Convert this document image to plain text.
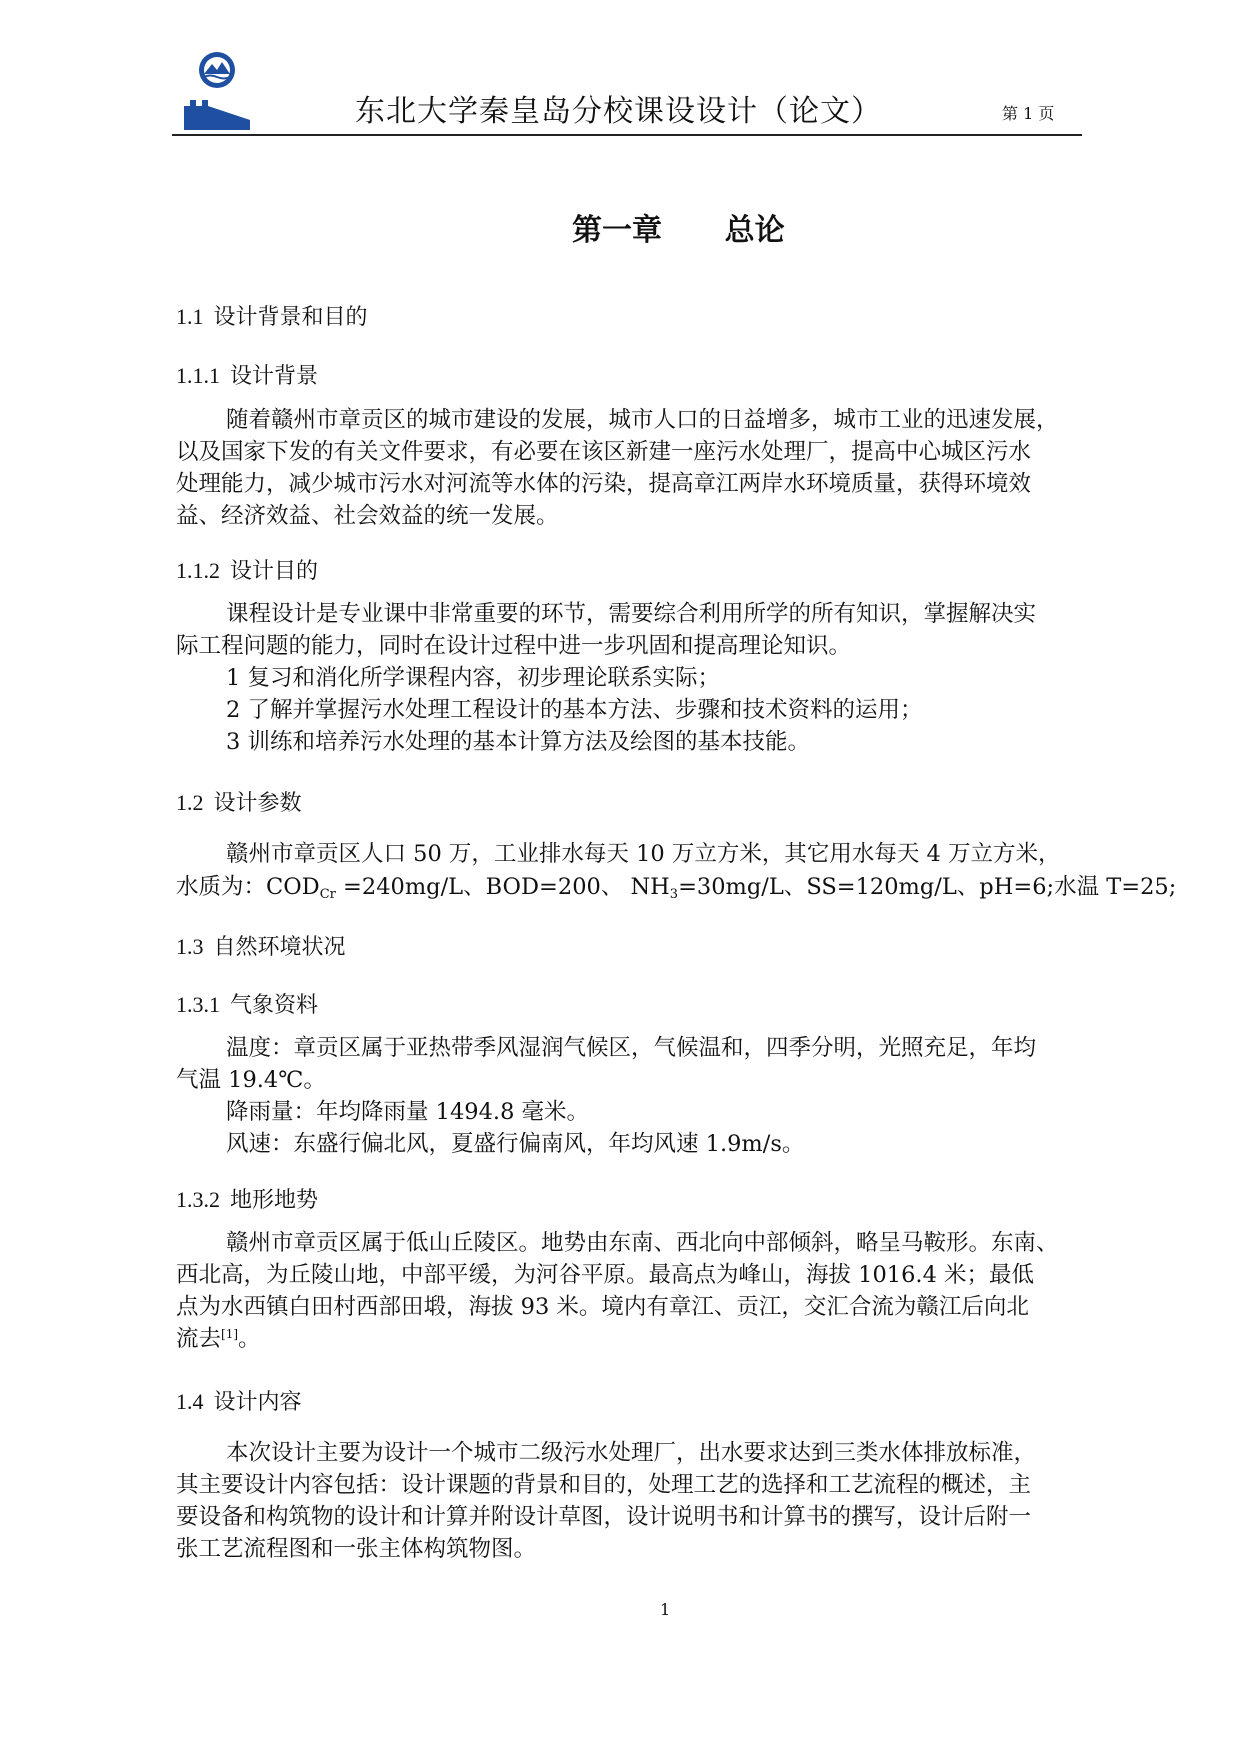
东北大学秦皇岛分校课设设计（论文）	第 1 页
第一章      总论
1.1 设计背景和目的
1.1.1 设计背景
随着赣州市章贡区的城市建设的发展，城市人口的日益增多，城市工业的迅速发展，
以及国家下发的有关文件要求，有必要在该区新建一座污水处理厂，提高中心城区污水
处理能力，减少城市污水对河流等水体的污染，提高章江两岸水环境质量，获得环境效
益、经济效益、社会效益的统一发展。
1.1.2 设计目的
课程设计是专业课中非常重要的环节，需要综合利用所学的所有知识，掌握解决实
际工程问题的能力，同时在设计过程中进一步巩固和提高理论知识。
1 复习和消化所学课程内容，初步理论联系实际；
2 了解并掌握污水处理工程设计的基本方法、步骤和技术资料的运用；
3 训练和培养污水处理的基本计算方法及绘图的基本技能。
1.2 设计参数
赣州市章贡区人口 50 万，工业排水每天 10 万立方米，其它用水每天 4 万立方米，
水质为：$COD_{Cr} =240mg/L$、BOD=200、 $NH_3=30mg/L$、SS=120mg/L、pH=6;水温 T=25;
1.3 自然环境状况
1.3.1 气象资料
温度：章贡区属于亚热带季风湿润气候区，气候温和，四季分明，光照充足，年均
气温 19.4℃。
降雨量：年均降雨量 1494.8 毫米。
风速：东盛行偏北风，夏盛行偏南风，年均风速 1.9m/s。
1.3.2 地形地势
赣州市章贡区属于低山丘陵区。地势由东南、西北向中部倾斜，略呈马鞍形。东南、
西北高，为丘陵山地，中部平缓，为河谷平原。最高点为峰山，海拔 1016.4 米；最低
点为水西镇白田村西部田塅，海拔 93 米。境内有章江、贡江，交汇合流为赣江后向北
流去[1]。
1.4 设计内容
本次设计主要为设计一个城市二级污水处理厂，出水要求达到三类水体排放标准，
其主要设计内容包括：设计课题的背景和目的，处理工艺的选择和工艺流程的概述，主
要设备和构筑物的设计和计算并附设计草图，设计说明书和计算书的撰写，设计后附一
张工艺流程图和一张主体构筑物图。
1
